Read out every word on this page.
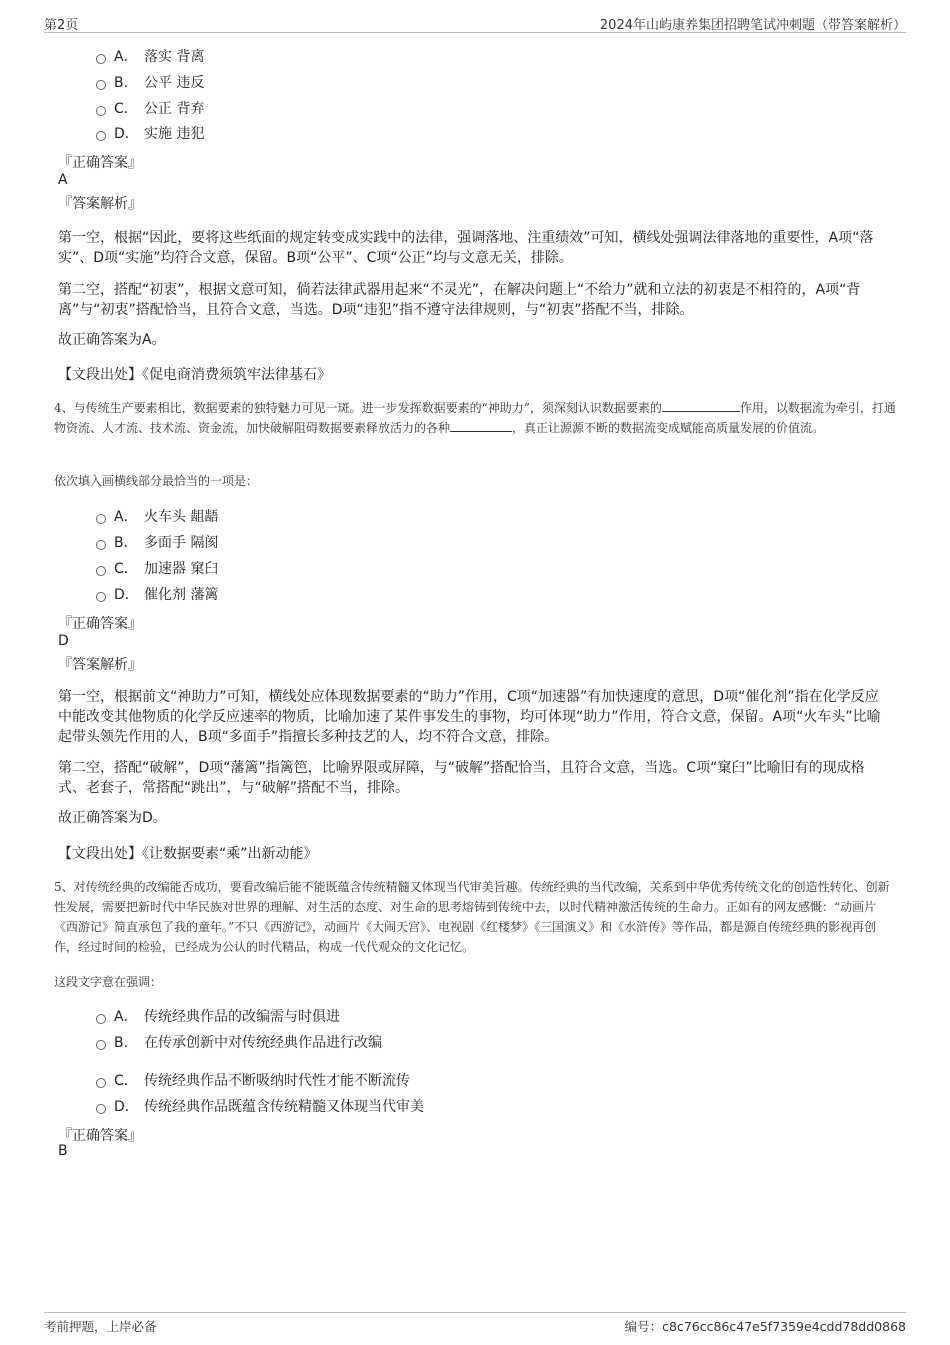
第2页	2024年山屿康养集团招聘笔试冲刺题（带答案解析）
A． 落实 背离
B． 公平 违反
C． 公正 背弃
D． 实施 违犯
『正确答案』
A
『答案解析』
第一空，根据“因此，要将这些纸面的规定转变成实践中的法律，强调落地、注重绩效”可知，横线处强调法律落地的重要性，A项“落实”、D项“实施”均符合文意，保留。B项“公平”、C项“公正”均与文意无关，排除。
第二空，搭配“初衷”，根据文意可知，倘若法律武器用起来“不灵光”，在解决问题上“不给力”就和立法的初衷是不相符的，A项“背离”与“初衷”搭配恰当，且符合文意，当选。D项“违犯”指不遵守法律规则，与“初衷”搭配不当，排除。
故正确答案为A。
【文段出处】《促电商消费须筑牢法律基石》
4、与传统生产要素相比，数据要素的独特魅力可见一斑。进一步发挥数据要素的“神助力”，须深刻认识数据要素的	作用，以数据流为牵引，打通物资流、人才流、技术流、资金流，加快破解阻碍数据要素释放活力的各种	，真正让源源不断的数据流变成赋能高质量发展的价值流。
依次填入画横线部分最恰当的一项是：
A． 火车头 龃龉
B． 多面手 隔阂
C． 加速器 窠臼
D． 催化剂 藩篱
『正确答案』
D
『答案解析』
第一空，根据前文“神助力”可知，横线处应体现数据要素的“助力”作用，C项“加速器”有加快速度的意思，D项“催化剂”指在化学反应中能改变其他物质的化学反应速率的物质，比喻加速了某件事发生的事物，均可体现“助力”作用，符合文意，保留。A项“火车头”比喻起带头领先作用的人，B项“多面手”指擅长多种技艺的人，均不符合文意，排除。
第二空，搭配“破解”，D项“藩篱”指篱笆，比喻界限或屏障，与“破解”搭配恰当，且符合文意，当选。C项“窠臼”比喻旧有的现成格式、老套子，常搭配“跳出”，与“破解”搭配不当，排除。
故正确答案为D。
【文段出处】《让数据要素“乘”出新动能》
5、对传统经典的改编能否成功，要看改编后能不能既蕴含传统精髓又体现当代审美旨趣。传统经典的当代改编，关系到中华优秀传统文化的创造性转化、创新性发展，需要把新时代中华民族对世界的理解、对生活的态度、对生命的思考熔铸到传统中去，以时代精神激活传统的生命力。正如有的网友感慨：“动画片《西游记》简直承包了我的童年。”不只《西游记》，动画片《大闹天宫》、电视剧《红楼梦》《三国演义》和《水浒传》等作品，都是源自传统经典的影视再创作，经过时间的检验，已经成为公认的时代精品，构成一代代观众的文化记忆。
这段文字意在强调：
A． 传统经典作品的改编需与时俱进
B． 在传承创新中对传统经典作品进行改编
C． 传统经典作品不断吸纳时代性才能不断流传
D． 传统经典作品既蕴含传统精髓又体现当代审美
『正确答案』
B
考前押题，上岸必备	编号：c8c76cc86c47e5f7359e4cdd78dd0868
